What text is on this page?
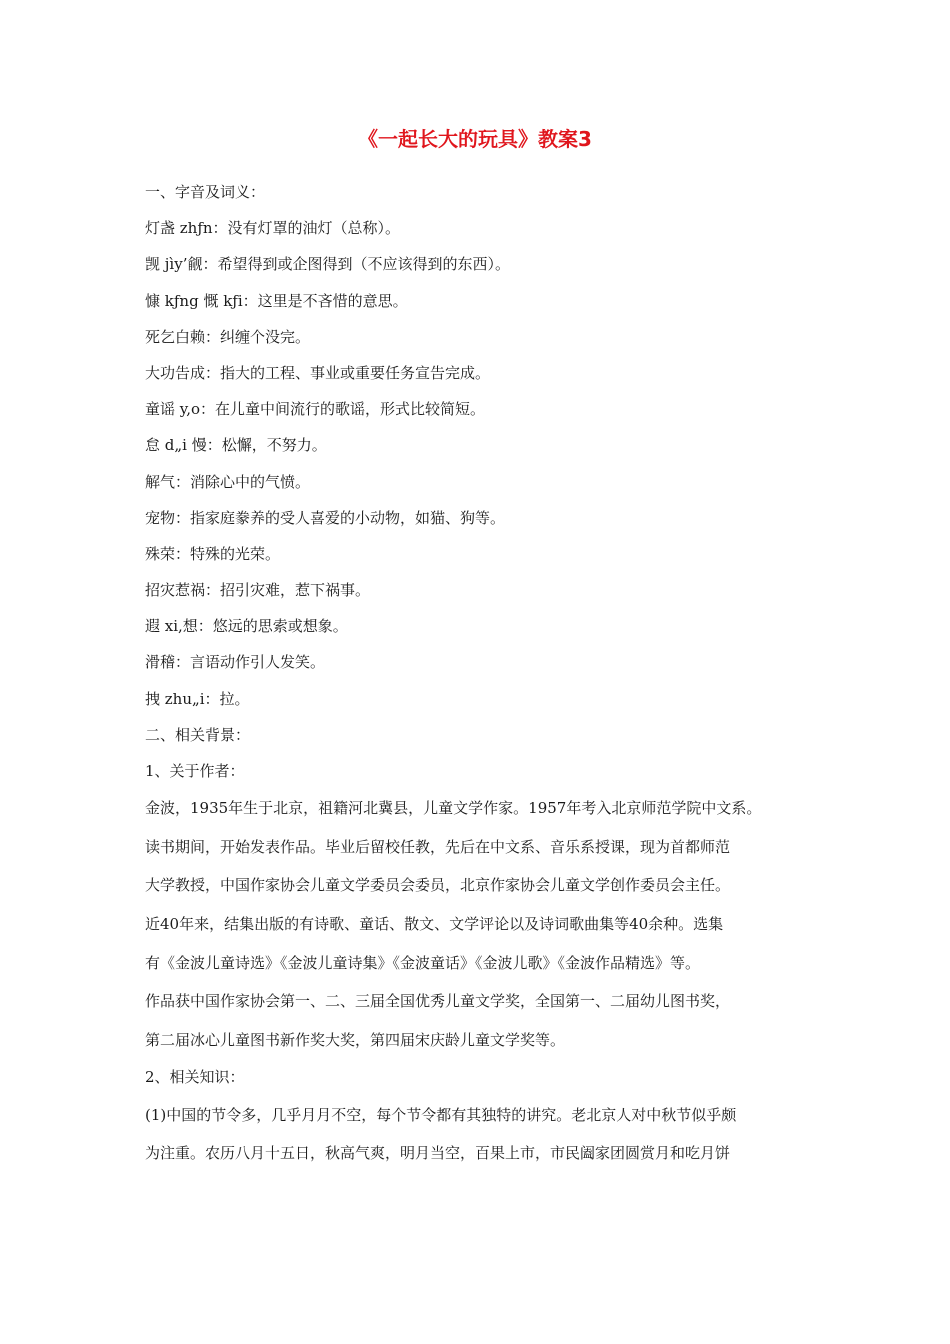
《一起长大的玩具》教案3
一、字音及词义：
灯盏 zhƒn：没有灯罩的油灯（总称）。
觊 jìy’觎：希望得到或企图得到（不应该得到的东西）。
慷 kƒng 慨 kƒi：这里是不吝惜的意思。
死乞白赖：纠缠个没完。
大功告成：指大的工程、事业或重要任务宣告完成。
童谣 y,o：在儿童中间流行的歌谣，形式比较简短。
怠 d„i 慢：松懈，不努力。
解气：消除心中的气愤。
宠物：指家庭豢养的受人喜爱的小动物，如猫、狗等。
殊荣：特殊的光荣。
招灾惹祸：招引灾难，惹下祸事。
遐 xi,想：悠远的思索或想象。
滑稽：言语动作引人发笑。
拽 zhu„i：拉。
二、相关背景：
1、关于作者：
金波，1935年生于北京，祖籍河北冀县，儿童文学作家。1957年考入北京师范学院中文系。
读书期间，开始发表作品。毕业后留校任教，先后在中文系、音乐系授课，现为首都师范
大学教授，中国作家协会儿童文学委员会委员，北京作家协会儿童文学创作委员会主任。
近40年来，结集出版的有诗歌、童话、散文、文学评论以及诗词歌曲集等40余种。选集
有《金波儿童诗选》《金波儿童诗集》《金波童话》《金波儿歌》《金波作品精选》等。
作品获中国作家协会第一、二、三届全国优秀儿童文学奖，全国第一、二届幼儿图书奖，
第二届冰心儿童图书新作奖大奖，第四届宋庆龄儿童文学奖等。
2、相关知识：
(1)中国的节令多，几乎月月不空，每个节令都有其独特的讲究。老北京人对中秋节似乎颇
为注重。农历八月十五日，秋高气爽，明月当空，百果上市，市民阖家团圆赏月和吃月饼
